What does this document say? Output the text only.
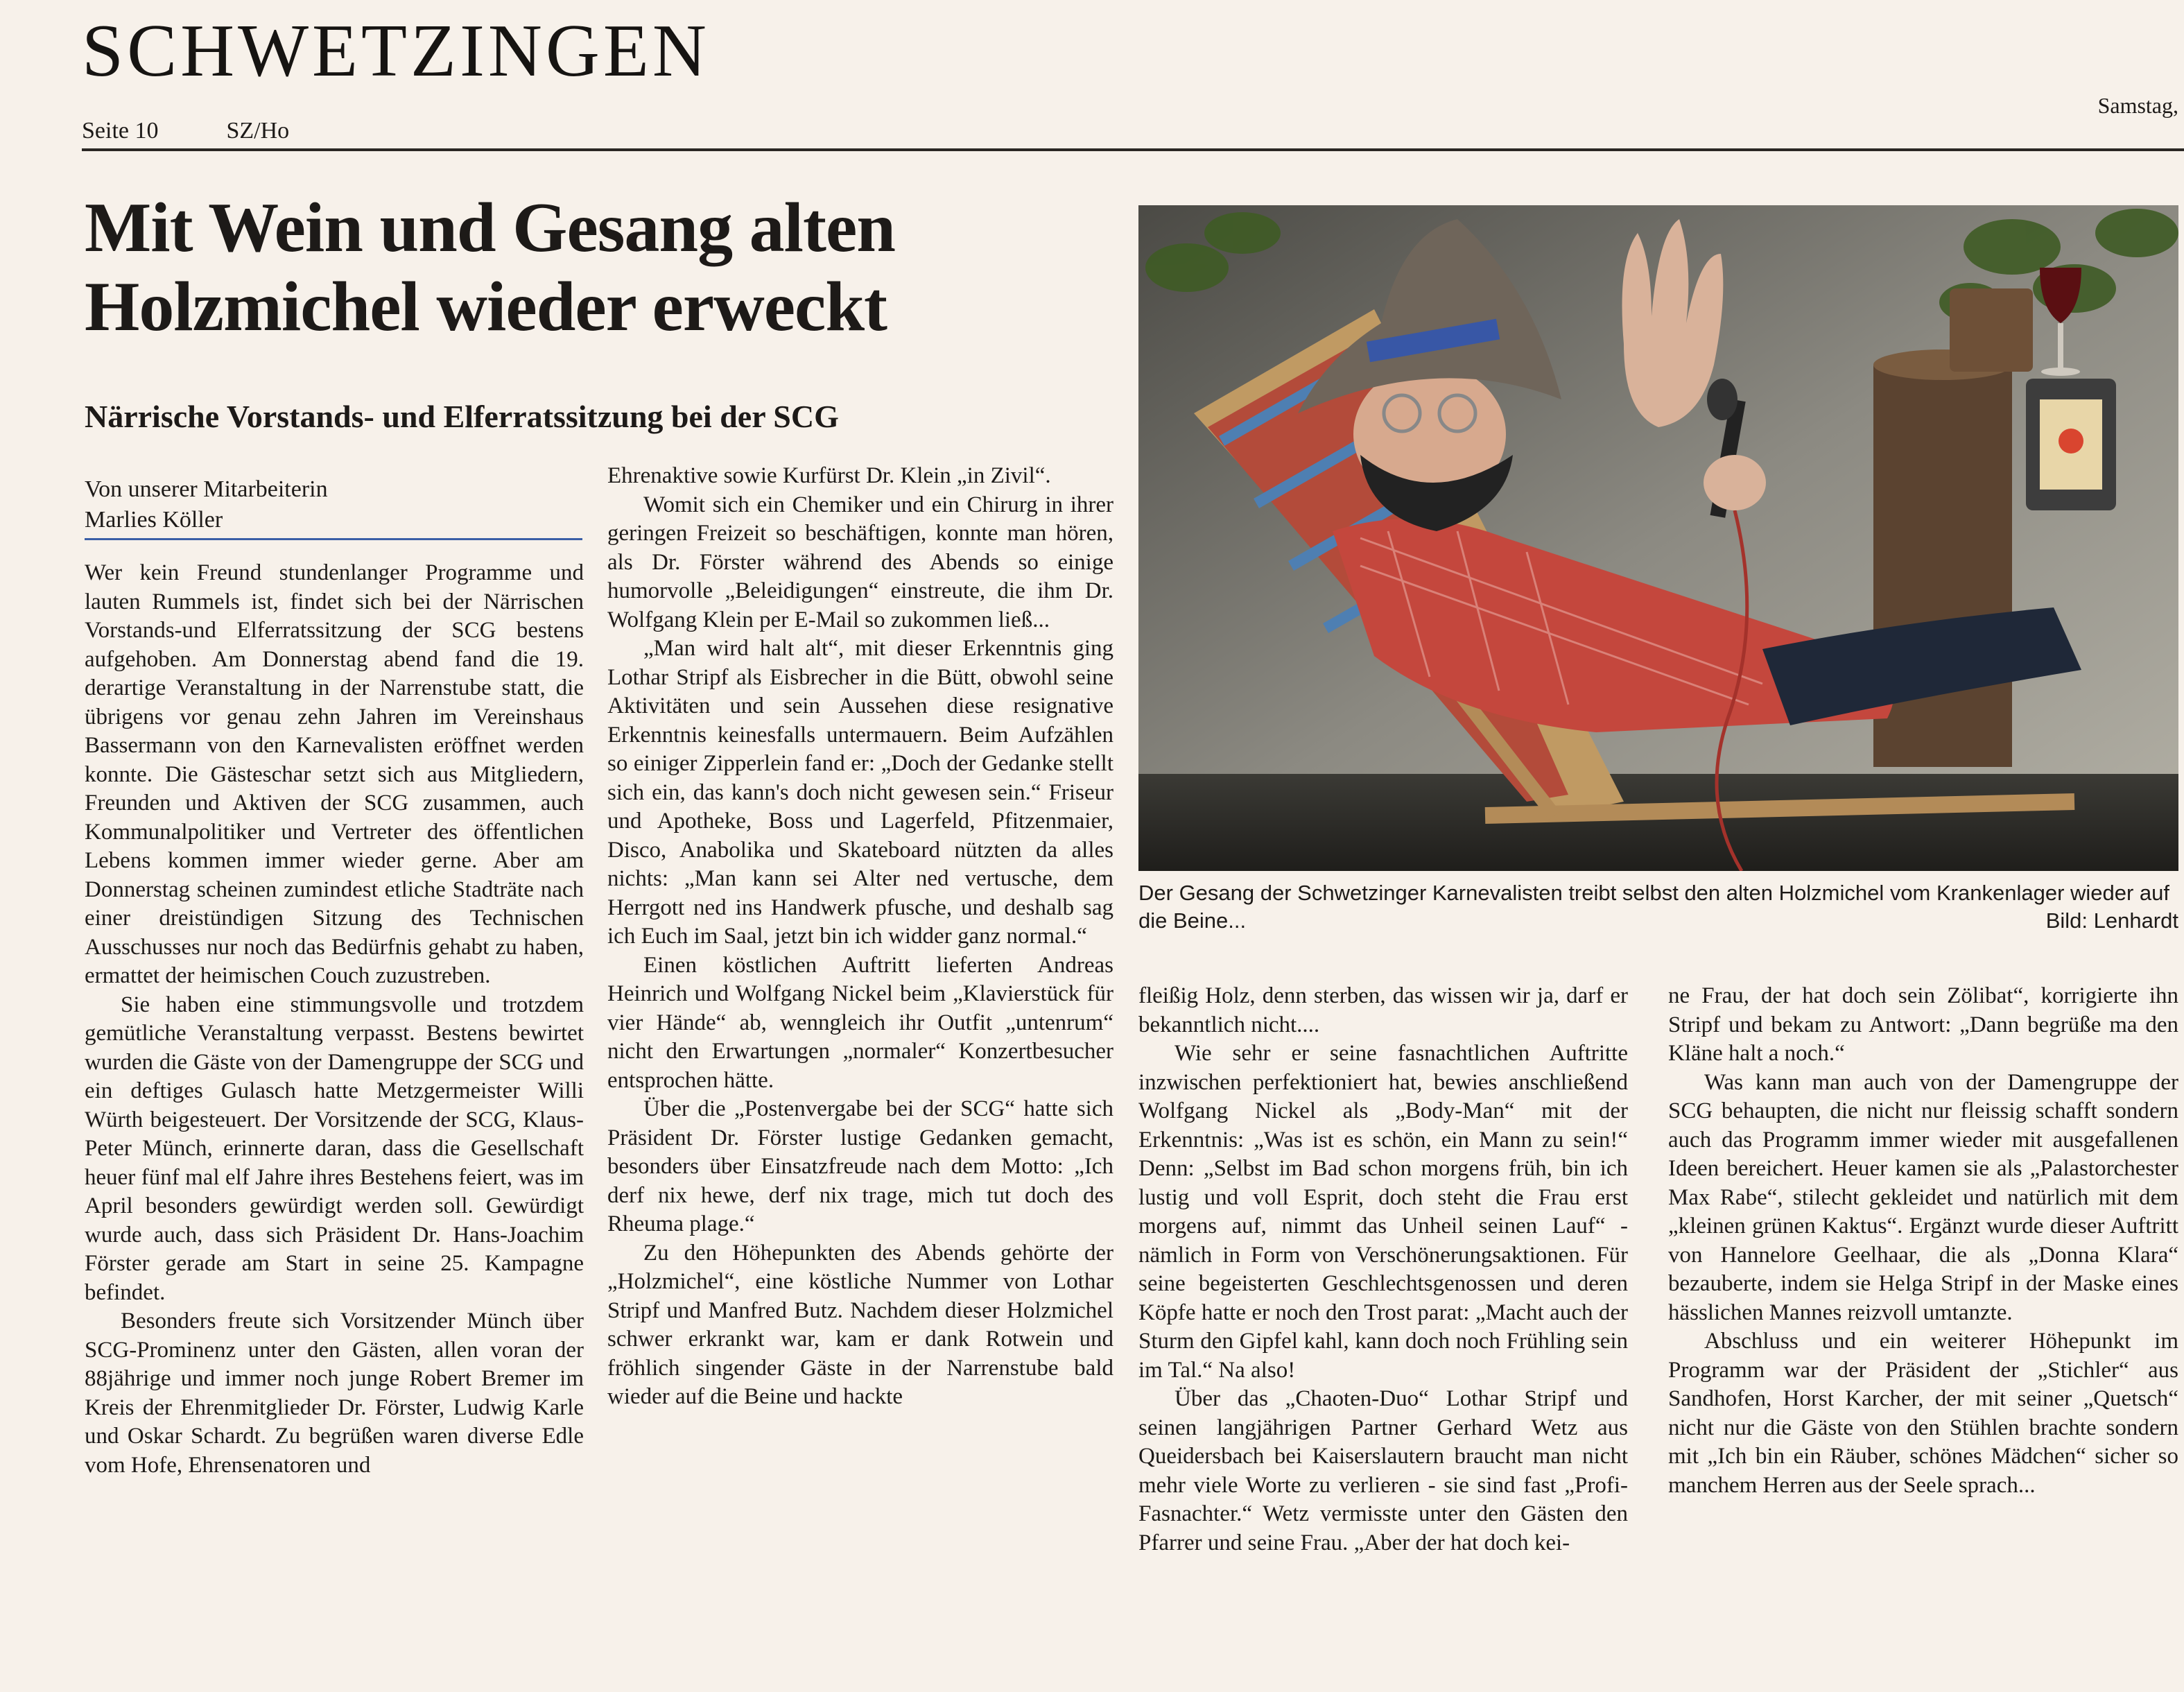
SCHWETZINGEN
Seite 10	SZ/Ho
Samstag,
Mit Wein und Gesang alten Holzmichel wieder erweckt
Närrische Vorstands- und Elferratssitzung bei der SCG
Von unserer Mitarbeiterin
Marlies Köller

Wer kein Freund stundenlanger Programme und lauten Rummels ist, findet sich bei der Närrischen Vorstands-und Elferratssitzung der SCG bestens aufgehoben. Am Donnerstag abend fand die 19. derartige Veranstaltung in der Narrenstube statt, die übrigens vor genau zehn Jahren im Vereinshaus Bassermann von den Karnevalisten eröffnet werden konnte. Die Gästeschar setzt sich aus Mitgliedern, Freunden und Aktiven der SCG zusammen, auch Kommunalpolitiker und Vertreter des öffentlichen Lebens kommen immer wieder gerne. Aber am Donnerstag scheinen zumindest etliche Stadträte nach einer dreistündigen Sitzung des Technischen Ausschusses nur noch das Bedürfnis gehabt zu haben, ermattet der heimischen Couch zuzustreben.

Sie haben eine stimmungsvolle und trotzdem gemütliche Veranstaltung verpasst. Bestens bewirtet wurden die Gäste von der Damengruppe der SCG und ein deftiges Gulasch hatte Metzgermeister Willi Würth beigesteuert. Der Vorsitzende der SCG, Klaus-Peter Münch, erinnerte daran, dass die Gesellschaft heuer fünf mal elf Jahre ihres Bestehens feiert, was im April besonders gewürdigt werden soll. Gewürdigt wurde auch, dass sich Präsident Dr. Hans-Joachim Förster gerade am Start in seine 25. Kampagne befindet.

Besonders freute sich Vorsitzender Münch über SCG-Prominenz unter den Gästen, allen voran der 88jährige und immer noch junge Robert Bremer im Kreis der Ehrenmitglieder Dr. Förster, Ludwig Karle und Oskar Schardt. Zu begrüßen waren diverse Edle vom Hofe, Ehrensenatoren und

Ehrenaktive sowie Kurfürst Dr. Klein „in Zivil“.

Womit sich ein Chemiker und ein Chirurg in ihrer geringen Freizeit so beschäftigen, konnte man hören, als Dr. Förster während des Abends so einige humorvolle „Beleidigungen“ einstreute, die ihm Dr. Wolfgang Klein per E-Mail so zukommen ließ...

„Man wird halt alt“, mit dieser Erkenntnis ging Lothar Stripf als Eisbrecher in die Bütt, obwohl seine Aktivitäten und sein Aussehen diese resignative Erkenntnis keinesfalls untermauern. Beim Aufzählen so einiger Zipperlein fand er: „Doch der Gedanke stellt sich ein, das kann's doch nicht gewesen sein.“ Friseur und Apotheke, Boss und Lagerfeld, Pfitzenmaier, Disco, Anabolika und Skateboard nützten da alles nichts: „Man kann sei Alter ned vertusche, dem Herrgott ned ins Handwerk pfusche, und deshalb sag ich Euch im Saal, jetzt bin ich widder ganz normal.“

Einen köstlichen Auftritt lieferten Andreas Heinrich und Wolfgang Nickel beim „Klavierstück für vier Hände“ ab, wenngleich ihr Outfit „untenrum“ nicht den Erwartungen „normaler“ Konzertbesucher entsprochen hätte.

Über die „Postenvergabe bei der SCG“ hatte sich Präsident Dr. Förster lustige Gedanken gemacht, besonders über Einsatzfreude nach dem Motto: „Ich derf nix hewe, derf nix trage, mich tut doch des Rheuma plage.“

Zu den Höhepunkten des Abends gehörte der „Holzmichel“, eine köstliche Nummer von Lothar Stripf und Manfred Butz. Nachdem dieser Holzmichel schwer erkrankt war, kam er dank Rotwein und fröhlich singender Gäste in der Narrenstube bald wieder auf die Beine und hackte

Der Gesang der Schwetzinger Karnevalisten treibt selbst den alten Holzmichel vom Krankenlager wieder auf die Beine...	Bild: Lenhardt

fleißig Holz, denn sterben, das wissen wir ja, darf er bekanntlich nicht....

Wie sehr er seine fasnachtlichen Auftritte inzwischen perfektioniert hat, bewies anschließend Wolfgang Nickel als „Body-Man“ mit der Erkenntnis: „Was ist es schön, ein Mann zu sein!“ Denn: „Selbst im Bad schon morgens früh, bin ich lustig und voll Esprit, doch steht die Frau erst morgens auf, nimmt das Unheil seinen Lauf“ - nämlich in Form von Verschönerungsaktionen. Für seine begeisterten Geschlechtsgenossen und deren Köpfe hatte er noch den Trost parat: „Macht auch der Sturm den Gipfel kahl, kann doch noch Frühling sein im Tal.“ Na also!

Über das „Chaoten-Duo“ Lothar Stripf und seinen langjährigen Partner Gerhard Wetz aus Queidersbach bei Kaiserslautern braucht man nicht mehr viele Worte zu verlieren - sie sind fast „Profi-Fasnachter.“ Wetz vermisste unter den Gästen den Pfarrer und seine Frau. „Aber der hat doch kei-

ne Frau, der hat doch sein Zölibat“, korrigierte ihn Stripf und bekam zu Antwort: „Dann begrüße ma den Kläne halt a noch.“

Was kann man auch von der Damengruppe der SCG behaupten, die nicht nur fleissig schafft sondern auch das Programm immer wieder mit ausgefallenen Ideen bereichert. Heuer kamen sie als „Palastorchester Max Rabe“, stilecht gekleidet und natürlich mit dem „kleinen grünen Kaktus“. Ergänzt wurde dieser Auftritt von Hannelore Geelhaar, die als „Donna Klara“ bezauberte, indem sie Helga Stripf in der Maske eines hässlichen Mannes reizvoll umtanzte.

Abschluss und ein weiterer Höhepunkt im Programm war der Präsident der „Stichler“ aus Sandhofen, Horst Karcher, der mit seiner „Quetsch“ nicht nur die Gäste von den Stühlen brachte sondern mit „Ich bin ein Räuber, schönes Mädchen“ sicher so manchem Herren aus der Seele sprach...
